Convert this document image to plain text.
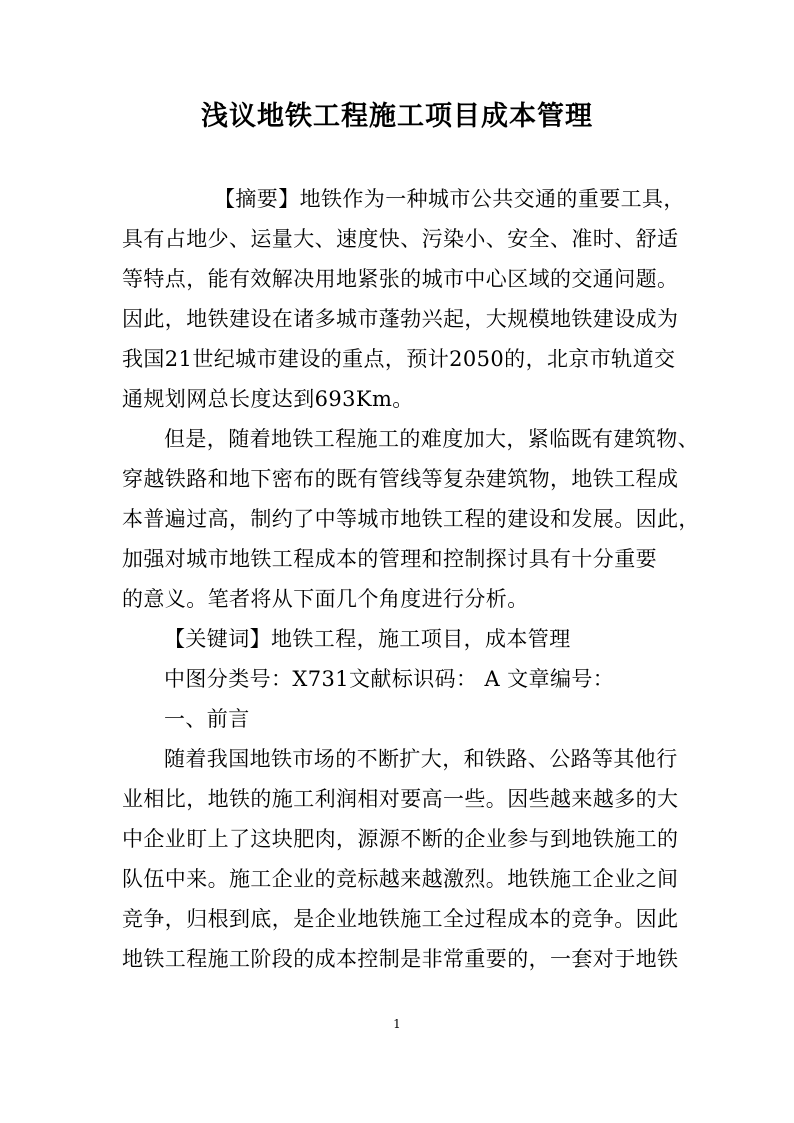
浅议地铁工程施工项目成本管理
【摘要】地铁作为一种城市公共交通的重要工具，
具有占地少、运量大、速度快、污染小、安全、准时、舒适
等特点，能有效解决用地紧张的城市中心区域的交通问题。
因此，地铁建设在诸多城市蓬勃兴起，大规模地铁建设成为
我国21世纪城市建设的重点，预计2050的，北京市轨道交
通规划网总长度达到693Km。
但是，随着地铁工程施工的难度加大，紧临既有建筑物、
穿越铁路和地下密布的既有管线等复杂建筑物，地铁工程成
本普遍过高，制约了中等城市地铁工程的建设和发展。因此，
加强对城市地铁工程成本的管理和控制探讨具有十分重要
的意义。笔者将从下面几个角度进行分析。
【关键词】地铁工程，施工项目，成本管理
中图分类号：X731文献标识码： A 文章编号：
一、前言
随着我国地铁市场的不断扩大，和铁路、公路等其他行
业相比，地铁的施工利润相对要高一些。因些越来越多的大
中企业盯上了这块肥肉，源源不断的企业参与到地铁施工的
队伍中来。施工企业的竞标越来越激烈。地铁施工企业之间
竞争，归根到底，是企业地铁施工全过程成本的竞争。因此
地铁工程施工阶段的成本控制是非常重要的，一套对于地铁
1
